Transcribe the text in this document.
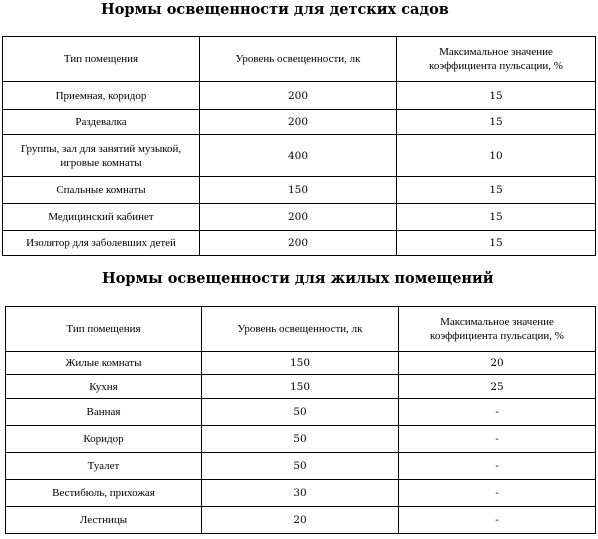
Нормы освещенности для детских садов
Тип помещения	Уровень освещенности, лк	Максимальное значение коэффициента пульсации, %
Приемная, коридор	200	15
Раздевалка	200	15
Группы, зал для занятий музыкой, игровые комнаты	400	10
Спальные комнаты	150	15
Медицинский кабинет	200	15
Изолятор для заболевших детей	200	15
Нормы освещенности для жилых помещений
Тип помещения	Уровень освещенности, лк	Максимальное значение коэффициента пульсации, %
Жилые комнаты	150	20
Кухня	150	25
Ванная	50	-
Коридор	50	-
Туалет	50	-
Вестибюль, прихожая	30	-
Лестницы	20	-
